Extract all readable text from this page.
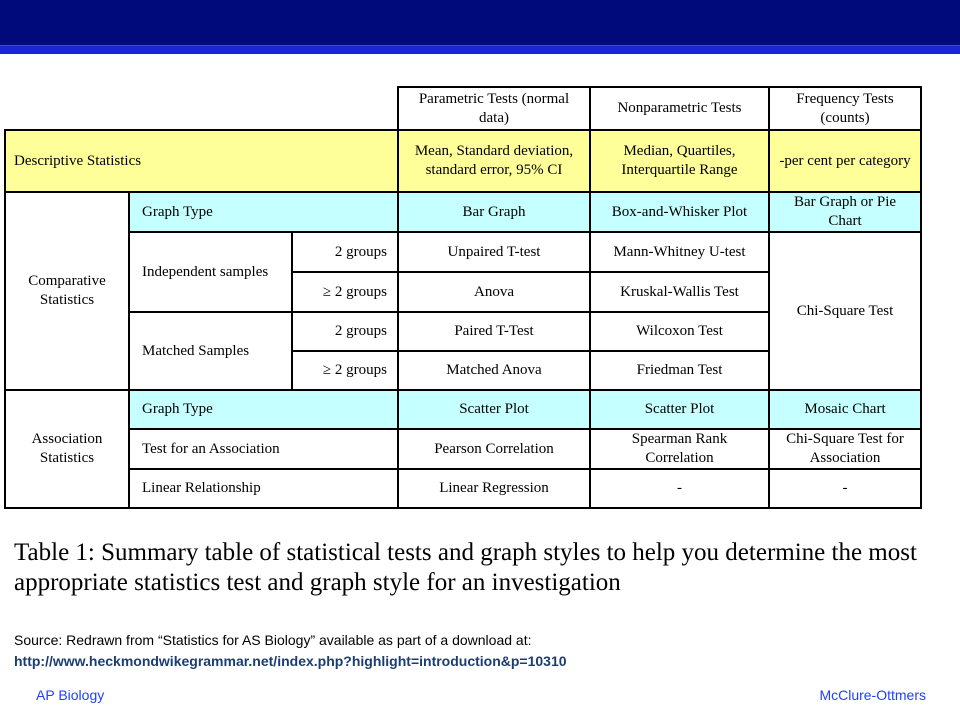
			Parametric Tests (normal data)	Nonparametric Tests	Frequency Tests (counts)
Descriptive Statistics			Mean, Standard deviation, standard error, 95% CI	Median, Quartiles, Interquartile Range	-per cent per category
Comparative Statistics	Graph Type		Bar Graph	Box-and-Whisker Plot	Bar Graph or Pie Chart
	Independent samples	2 groups	Unpaired T-test	Mann-Whitney U-test	Chi-Square Test
		≥ 2 groups	Anova	Kruskal-Wallis Test	
	Matched Samples	2 groups	Paired T-Test	Wilcoxon Test	
		≥ 2 groups	Matched Anova	Friedman Test	
Association Statistics	Graph Type		Scatter Plot	Scatter Plot	Mosaic Chart
	Test for an Association		Pearson Correlation	Spearman Rank Correlation	Chi-Square Test for Association
	Linear Relationship		Linear Regression	-	-
Table 1: Summary table of statistical tests and graph styles to help you determine the most appropriate statistics test and graph style for an investigation
Source: Redrawn from “Statistics for AS Biology” available as part of a download at:
http://www.heckmondwikegrammar.net/index.php?highlight=introduction&p=10310
AP Biology	McClure-Ottmers
